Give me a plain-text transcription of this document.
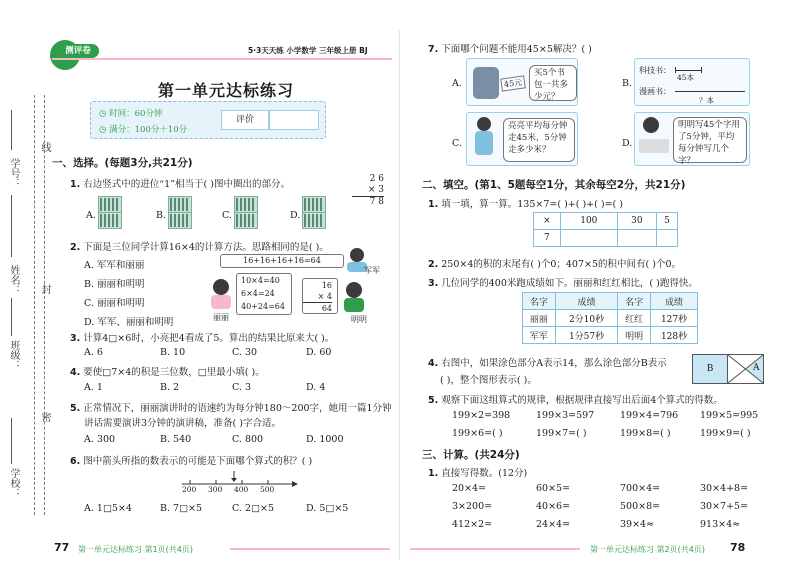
学号：
线
姓名： 封
班级：
密
学校：
测评卷	5·3天天练 小学数学 三年级上册 BJ
第一单元达标练习
◷ 时间：60分钟
◷ 满分：100分＋10分
评价
一、选择。(每题3分,共21分)
1. 右边竖式中的进位“1”相当于( )图中圈出的部分。	2 6
× 3
7 8
A.	B.	C.	D.
2. 下面是三位同学计算16×4的计算方法。思路相同的是( )。
A. 军军和丽丽
B. 丽丽和明明
C. 丽丽和明明
D. 军军、丽丽和明明
16+16+16+16=64
军军
10×4=40
6×4=24
40+24=64
丽丽
16
× 4
64
明明
3. 计算4□×6时，小亮把4看成了5。算出的结果比原来大( )。
A. 6	B. 10	C. 30	D. 60
4. 要使□7×4的积是三位数，□里最小填( )。
A. 1	B. 2	C. 3	D. 4
5. 正常情况下，丽丽演讲时的语速约为每分钟180～200字，她用一篇1分钟
讲话需要演讲3分钟的演讲稿，准备( )字合适。
A. 300	B. 540	C. 800	D. 1000
6. 图中箭头所指的数表示的可能是下面哪个算式的积？( )
200 300 400 500
A. 1□5×4	B. 7□×5	C. 2□×5	D. 5□×5
77 第一单元达标练习 第1页(共4页)
7. 下面哪个问题不能用45×5解决？( )
A.	45元
买5个书包一共多少元？
B.
科技书：
45本
漫画书：
？本
C.
亮亮平均每分钟走45米，5分钟走多少米？
D.
明明写45个字用了5分钟，平均每分钟写几个字？
二、填空。(第1、5题每空1分，其余每空2分，共21分)
1. 填一填，算一算。135×7=( )+( )+( )=( )
×	100	30	5
7			
2. 250×4的积的末尾有( )个0；407×5的积中间有( )个0。
3. 几位同学的400米跑成绩如下。丽丽和红红相比，( )跑得快。
名字	成绩	名字	成绩
丽丽	2分10秒	红红	127秒
军军	1分57秒	明明	128秒
4. 右图中，如果涂色部分A表示14，那么涂色部分B表示
( )，整个图形表示( )。
B	A
5. 观察下面这组算式的规律，根据规律直接写出后面4个算式的得数。
199×2=398	199×3=597	199×4=796 199×5=995
199×6=( )	199×7=( )	199×8=( )	199×9=( )
三、计算。(共24分)
1. 直接写得数。(12分)
20×4=	60×5=	700×4=	30×4+8=
3×200=	40×6=	500×8=	30×7+5=
412×2=	24×4=	39×4≈	913×4≈
第一单元达标练习 第2页(共4页) 78
